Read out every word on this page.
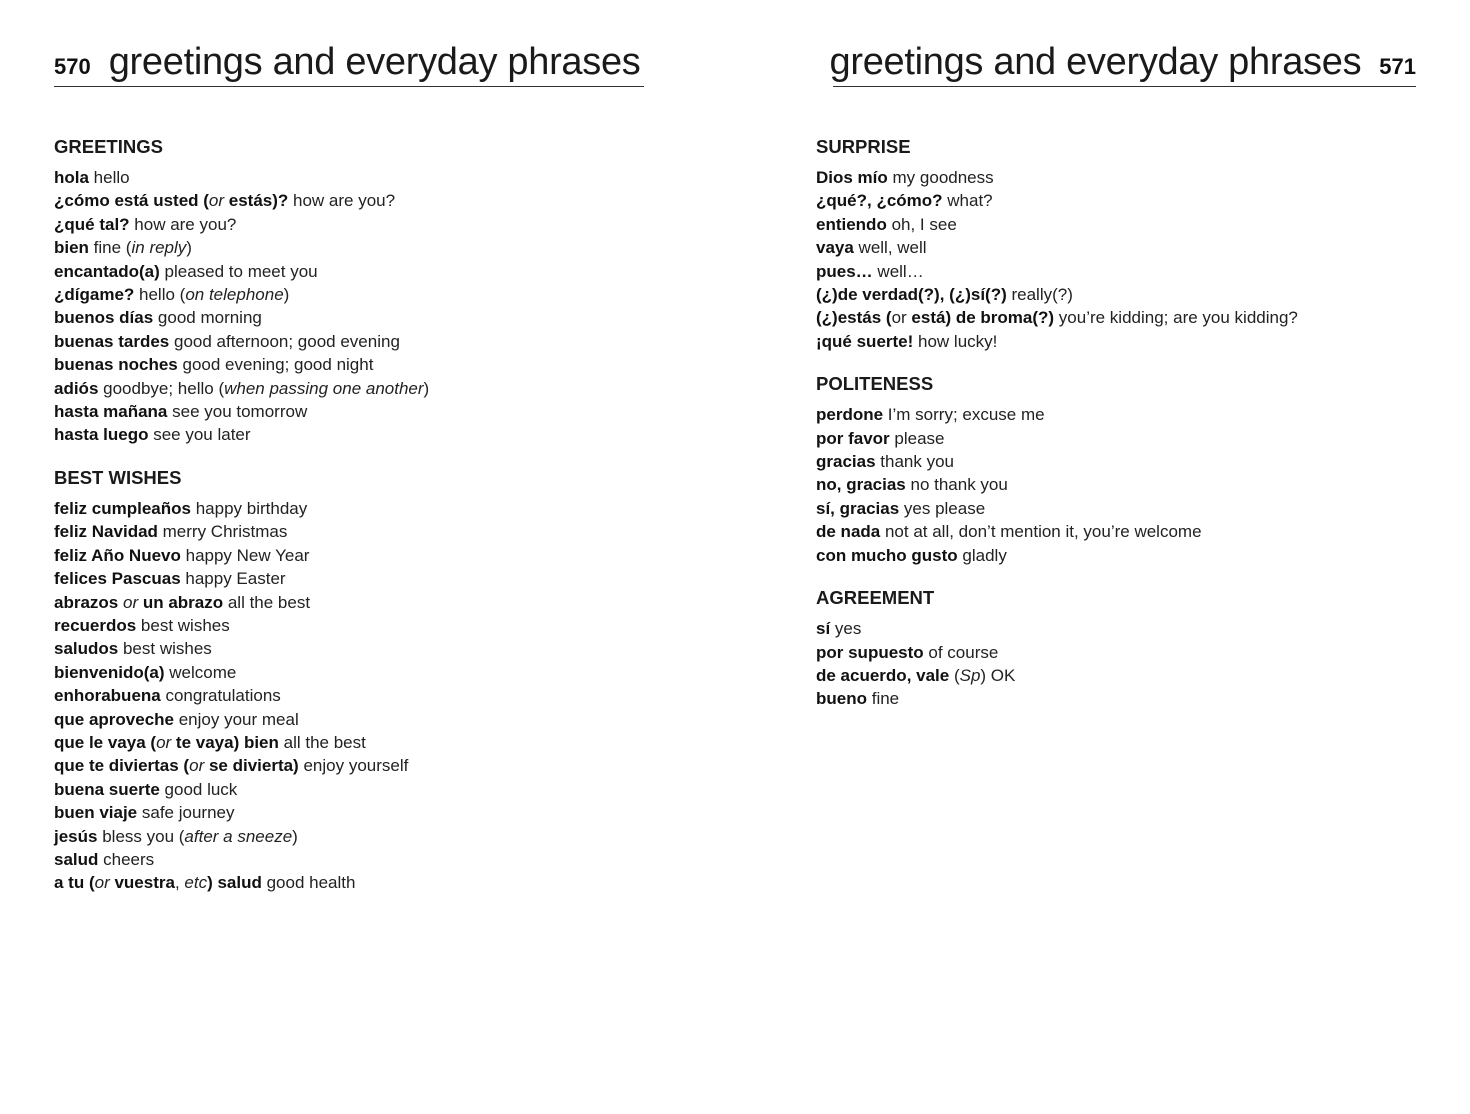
570 greetings and everyday phrases
GREETINGS
hola hello
¿cómo está usted (or estás)? how are you?
¿qué tal? how are you?
bien fine (in reply)
encantado(a) pleased to meet you
¿dígame? hello (on telephone)
buenos días good morning
buenas tardes good afternoon; good evening
buenas noches good evening; good night
adiós goodbye; hello (when passing one another)
hasta mañana see you tomorrow
hasta luego see you later
BEST WISHES
feliz cumpleaños happy birthday
feliz Navidad merry Christmas
feliz Año Nuevo happy New Year
felices Pascuas happy Easter
abrazos or un abrazo all the best
recuerdos best wishes
saludos best wishes
bienvenido(a) welcome
enhorabuena congratulations
que aproveche enjoy your meal
que le vaya (or te vaya) bien all the best
que te diviertas (or se divierta) enjoy yourself
buena suerte good luck
buen viaje safe journey
jesús bless you (after a sneeze)
salud cheers
a tu (or vuestra, etc) salud good health
greetings and everyday phrases 571
SURPRISE
Dios mío my goodness
¿qué?, ¿cómo? what?
entiendo oh, I see
vaya well, well
pues… well…
(¿)de verdad(?), (¿)sí(?) really(?)
(¿)estás (or está) de broma(?) you’re kidding; are you kidding?
¡qué suerte! how lucky!
POLITENESS
perdone I’m sorry; excuse me
por favor please
gracias thank you
no, gracias no thank you
sí, gracias yes please
de nada not at all, don’t mention it, you’re welcome
con mucho gusto gladly
AGREEMENT
sí yes
por supuesto of course
de acuerdo, vale (Sp) OK
bueno fine
